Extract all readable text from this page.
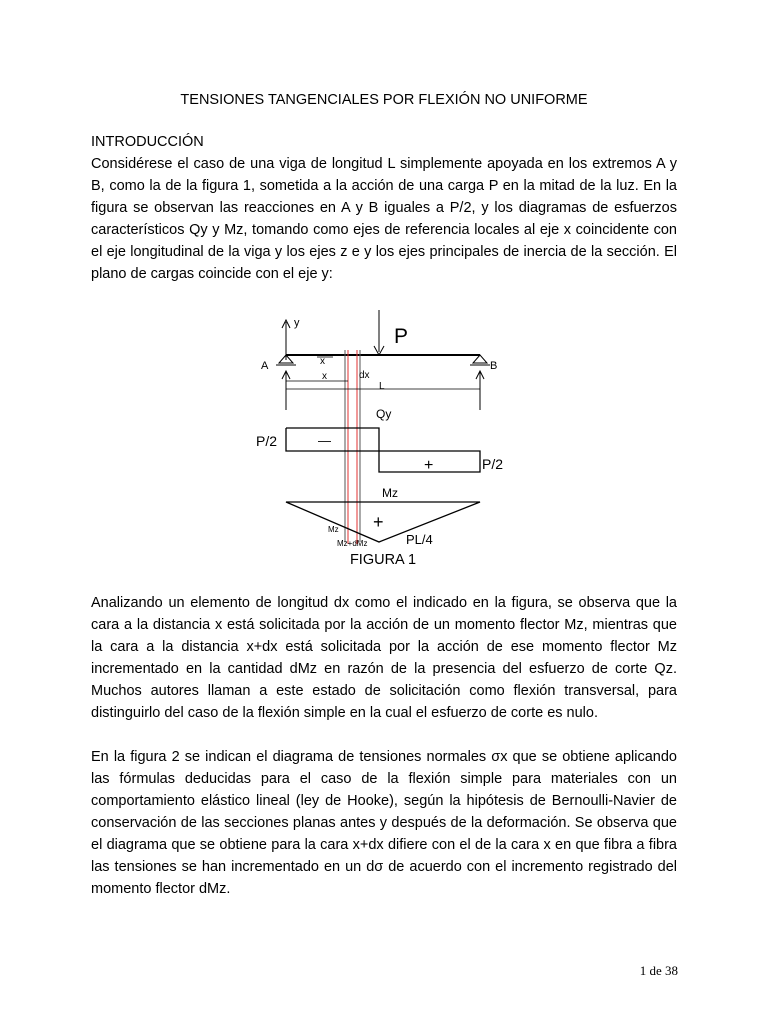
TENSIONES TANGENCIALES POR FLEXIÓN NO UNIFORME
INTRODUCCIÓN

Considérese el caso de una viga de longitud L simplemente apoyada en los extremos A y B, como la de la figura 1, sometida a la acción de una carga P en la mitad de la luz. En la figura se observan las reacciones en A y B iguales a P/2, y los diagramas de esfuerzos característicos Qy y Mz, tomando como ejes de referencia locales al eje x coincidente con el eje longitudinal de la viga y los ejes z e y los ejes principales de inercia de la sección. El plano de cargas coincide con el eje y:

y
P
A	B
x
x	dx
L
Qy
P/2
P/2
—
+
Mz
+
Mz
Mz+dMz	PL/4
FIGURA 1

Analizando un elemento de longitud dx como el indicado en la figura, se observa que la cara a la distancia x está solicitada por la acción de un momento flector Mz, mientras que la cara a la distancia x+dx está solicitada por la acción de ese momento flector Mz incrementado en la cantidad dMz en razón de la presencia del esfuerzo de corte Qz. Muchos autores llaman a este estado de solicitación como flexión transversal, para distinguirlo del caso de la flexión simple en la cual el esfuerzo de corte es nulo.

En la figura 2 se indican el diagrama de tensiones normales σx que se obtiene aplicando las fórmulas deducidas para el caso de la flexión simple para materiales con un comportamiento elástico lineal (ley de Hooke), según la hipótesis de Bernoulli-Navier de conservación de las secciones planas antes y después de la deformación. Se observa que el diagrama que se obtiene para la cara x+dx difiere con el de la cara x en que fibra a fibra las tensiones se han incrementado en un dσ de acuerdo con el incremento registrado del momento flector dMz.

1 de 38
